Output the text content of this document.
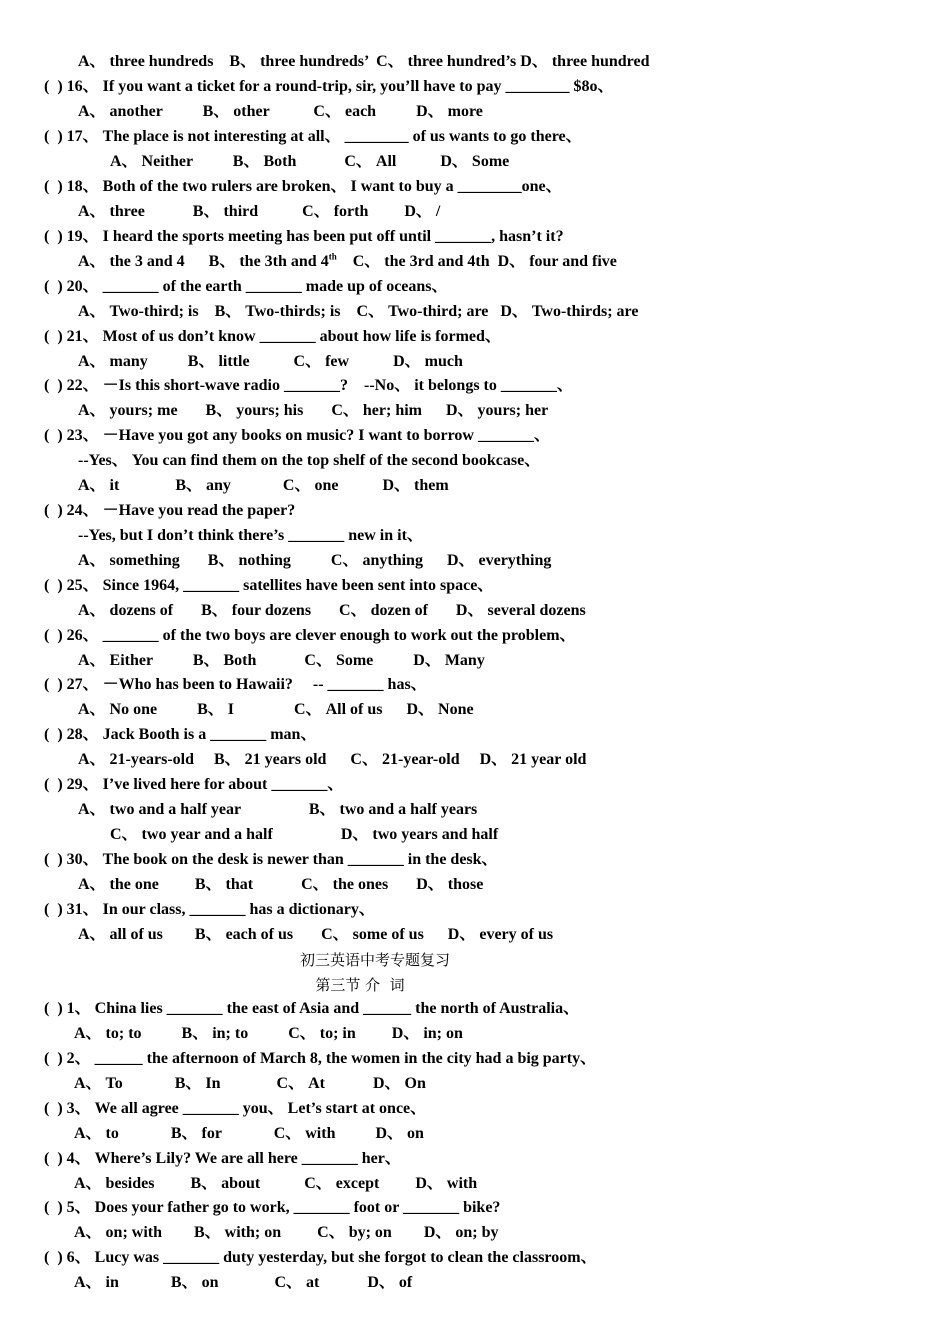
A、 three hundreds    B、 three hundreds’  C、 three hundred’s D、 three hundred
(  ) 16、 If you want a ticket for a round-trip, sir, you’ll have to pay ________ $8o、
A、 another          B、 other           C、 each          D、 more
(  ) 17、 The place is not interesting at all、 ________ of us wants to go there、
A、 Neither          B、 Both            C、 All           D、 Some
(  ) 18、 Both of the two rulers are broken、 I want to buy a ________one、
A、 three            B、 third           C、 forth         D、 /
(  ) 19、 I heard the sports meeting has been put off until _______, hasn’t it?
A、 the 3 and 4      B、 the 3th and 4th    C、 the 3rd and 4th  D、 four and five
(  ) 20、 _______ of the earth _______ made up of oceans、
A、 Two-third; is    B、 Two-thirds; is    C、 Two-third; are   D、 Two-thirds; are
(  ) 21、 Most of us don’t know _______ about how life is formed、
A、 many          B、 little           C、 few           D、 much
(  ) 22、 －Is this short-wave radio _______?    --No、 it belongs to _______、
A、 yours; me       B、 yours; his       C、 her; him      D、 yours; her
(  ) 23、 －Have you got any books on music? I want to borrow _______、
--Yes、 You can find them on the top shelf of the second bookcase、
A、 it              B、 any             C、 one           D、 them
(  ) 24、 －Have you read the paper?
--Yes, but I don’t think there’s _______ new in it、
A、 something       B、 nothing          C、 anything      D、 everything
(  ) 25、 Since 1964, _______ satellites have been sent into space、
A、 dozens of       B、 four dozens       C、 dozen of       D、 several dozens
(  ) 26、 _______ of the two boys are clever enough to work out the problem、
A、 Either          B、 Both            C、 Some          D、 Many
(  ) 27、 －Who has been to Hawaii?     -- _______ has、
A、 No one          B、 I               C、 All of us      D、 None
(  ) 28、 Jack Booth is a _______ man、
A、 21-years-old     B、 21 years old      C、 21-year-old     D、 21 year old
(  ) 29、 I’ve lived here for about _______、
A、 two and a half year                 B、 two and a half years
C、 two year and a half                 D、 two years and half
(  ) 30、 The book on the desk is newer than _______ in the desk、
A、 the one         B、 that            C、 the ones       D、 those
(  ) 31、 In our class, _______ has a dictionary、
A、 all of us        B、 each of us       C、 some of us      D、 every of us
初三英语中考专题复习
第三节 介  词
(  ) 1、 China lies _______ the east of Asia and ______ the north of Australia、
A、 to; to          B、 in; to          C、 to; in         D、 in; on
(  ) 2、 ______ the afternoon of March 8, the women in the city had a big party、
A、 To             B、 In              C、 At            D、 On
(  ) 3、 We all agree _______ you、 Let’s start at once、
A、 to             B、 for             C、 with          D、 on
(  ) 4、 Where’s Lily? We are all here _______ her、
A、 besides         B、 about           C、 except         D、 with
(  ) 5、 Does your father go to work, _______ foot or _______ bike?
A、 on; with        B、 with; on         C、 by; on        D、 on; by
(  ) 6、 Lucy was _______ duty yesterday, but she forgot to clean the classroom、
A、 in             B、 on              C、 at            D、 of
